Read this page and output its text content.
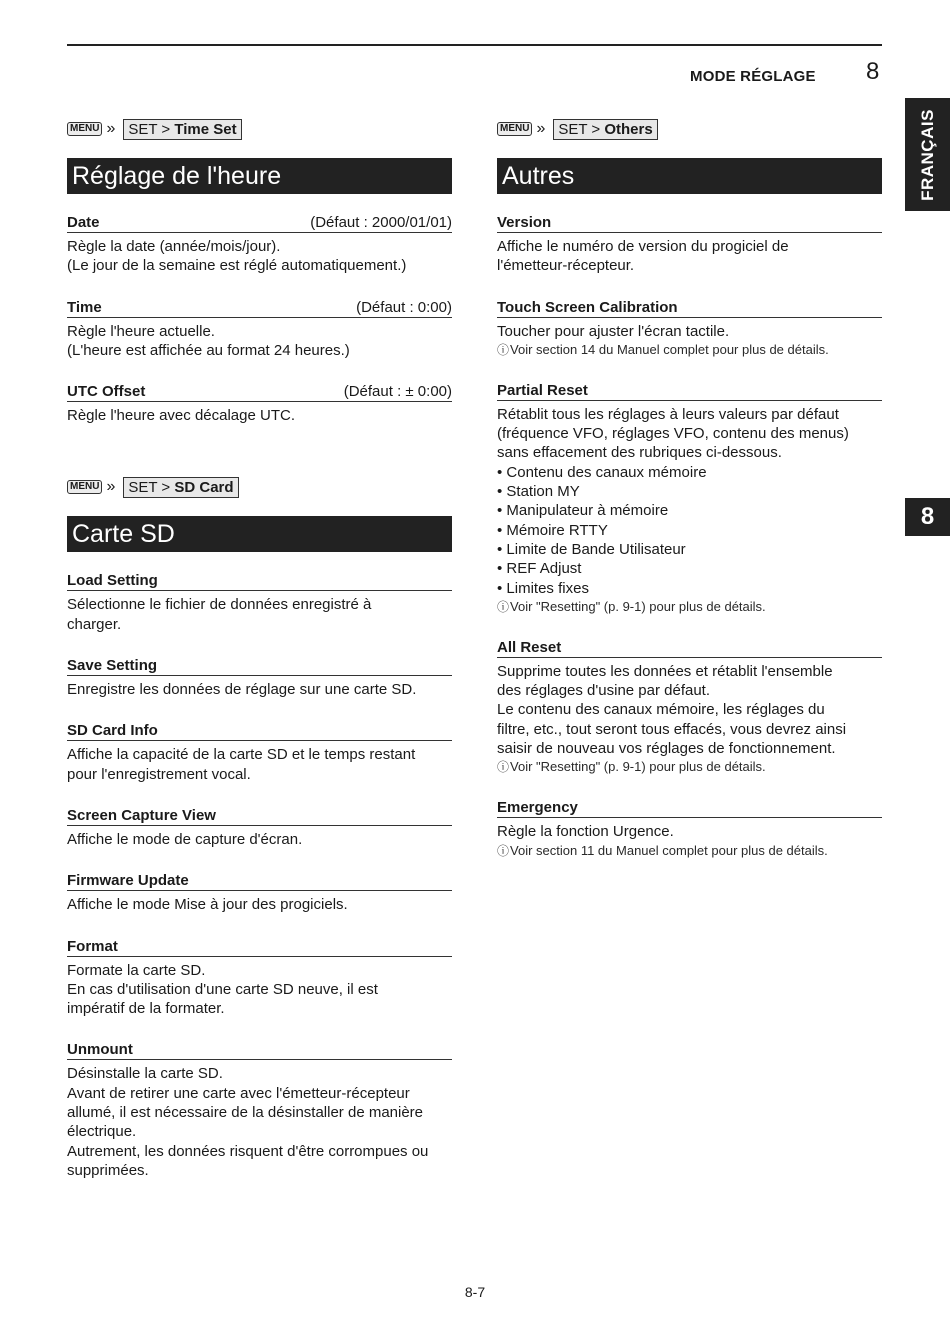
MODE RÉGLAGE 8
FRANÇAIS
8
MENU » SET > Time Set
Réglage de l'heure
Date	(Défaut : 2000/01/01)
Règle la date (année/mois/jour).
(Le jour de la semaine est réglé automatiquement.)
Time	(Défaut : 0:00)
Règle l'heure actuelle.
(L'heure est affichée au format 24 heures.)
UTC Offset	(Défaut : ± 0:00)
Règle l'heure avec décalage UTC.
MENU » SET > SD Card
Carte SD
Load Setting
Sélectionne le fichier de données enregistré à
charger.
Save Setting
Enregistre les données de réglage sur une carte SD.
SD Card Info
Affiche la capacité de la carte SD et le temps restant
pour l'enregistrement vocal.
Screen Capture View
Affiche le mode de capture d'écran.
Firmware Update
Affiche le mode Mise à jour des progiciels.
Format
Formate la carte SD.
En cas d'utilisation d'une carte SD neuve, il est
impératif de la formater.
Unmount
Désinstalle la carte SD.
Avant de retirer une carte avec l'émetteur-récepteur
allumé, il est nécessaire de la désinstaller de manière
électrique.
Autrement, les données risquent d'être corrompues ou
supprimées.
MENU » SET > Others
Autres
Version
Affiche le numéro de version du progiciel de
l'émetteur-récepteur.
Touch Screen Calibration
Toucher pour ajuster l'écran tactile.
ⓘVoir section 14 du Manuel complet pour plus de détails.
Partial Reset
Rétablit tous les réglages à leurs valeurs par défaut
(fréquence VFO, réglages VFO, contenu des menus)
sans effacement des rubriques ci-dessous.
• Contenu des canaux mémoire
• Station MY
• Manipulateur à mémoire
• Mémoire RTTY
• Limite de Bande Utilisateur
• REF Adjust
• Limites fixes
ⓘVoir "Resetting" (p. 9-1) pour plus de détails.
All Reset
Supprime toutes les données et rétablit l'ensemble
des réglages d'usine par défaut.
Le contenu des canaux mémoire, les réglages du
filtre, etc., tout seront tous effacés, vous devrez ainsi
saisir de nouveau vos réglages de fonctionnement.
ⓘVoir "Resetting" (p. 9-1) pour plus de détails.
Emergency
Règle la fonction Urgence.
ⓘVoir section 11 du Manuel complet pour plus de détails.
8-7
